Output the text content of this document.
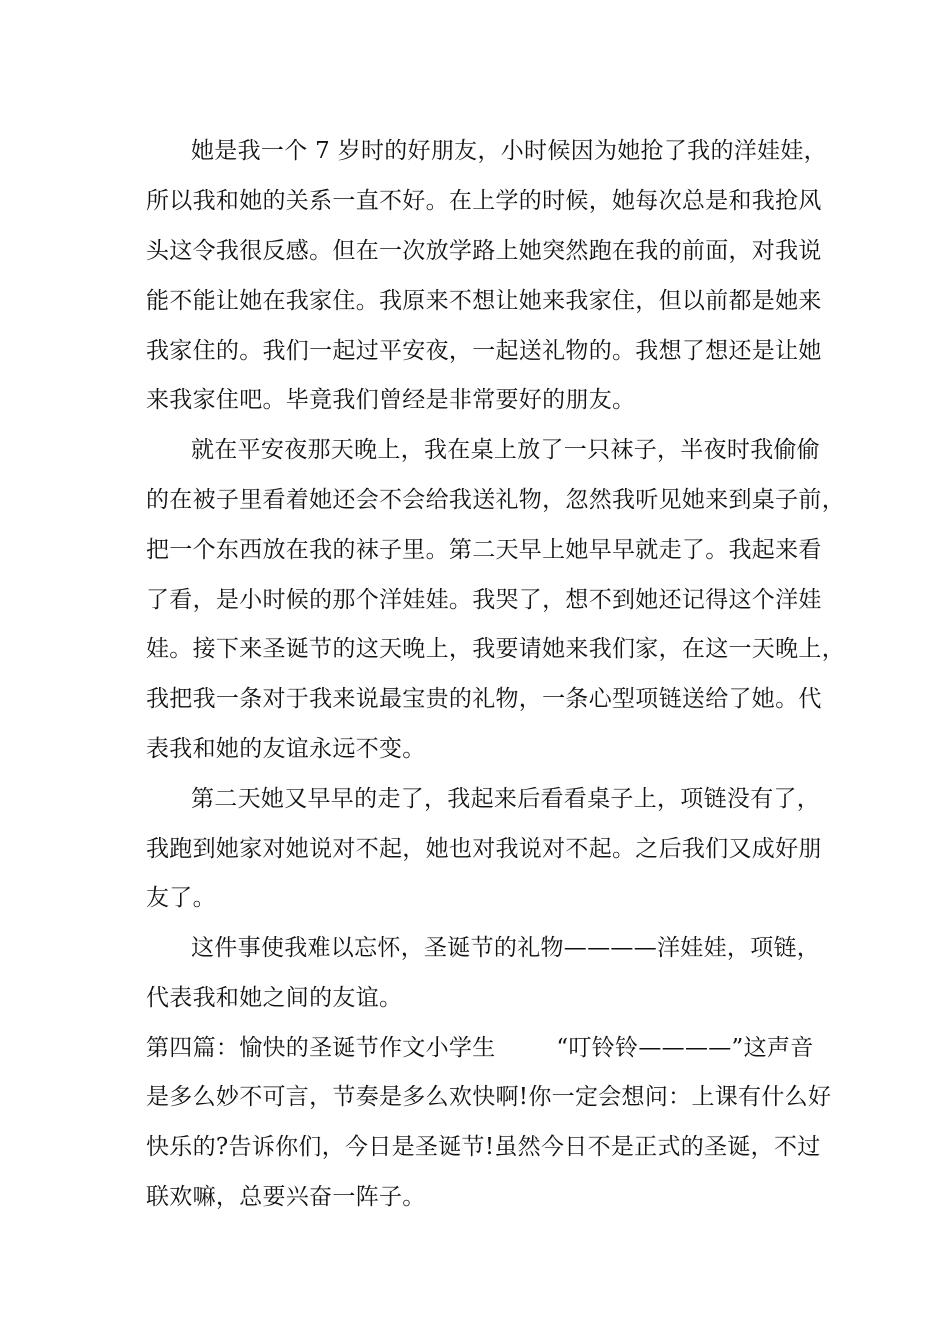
她是我一个 7 岁时的好朋友，小时候因为她抢了我的洋娃娃，
所以我和她的关系一直不好。在上学的时候，她每次总是和我抢风
头这令我很反感。但在一次放学路上她突然跑在我的前面，对我说
能不能让她在我家住。我原来不想让她来我家住，但以前都是她来
我家住的。我们一起过平安夜，一起送礼物的。我想了想还是让她
来我家住吧。毕竟我们曾经是非常要好的朋友。
就在平安夜那天晚上，我在桌上放了一只袜子，半夜时我偷偷
的在被子里看着她还会不会给我送礼物，忽然我听见她来到桌子前，
把一个东西放在我的袜子里。第二天早上她早早就走了。我起来看
了看，是小时候的那个洋娃娃。我哭了，想不到她还记得这个洋娃
娃。接下来圣诞节的这天晚上，我要请她来我们家，在这一天晚上，
我把我一条对于我来说最宝贵的礼物，一条心型项链送给了她。代
表我和她的友谊永远不变。
第二天她又早早的走了，我起来后看看桌子上，项链没有了，
我跑到她家对她说对不起，她也对我说对不起。之后我们又成好朋
友了。
这件事使我难以忘怀，圣诞节的礼物————洋娃娃，项链，
代表我和她之间的友谊。
第四篇：愉快的圣诞节作文小学生        “叮铃铃————”这声音
是多么妙不可言，节奏是多么欢快啊!你一定会想问：上课有什么好
快乐的?告诉你们，今日是圣诞节!虽然今日不是正式的圣诞，不过
联欢嘛，总要兴奋一阵子。
